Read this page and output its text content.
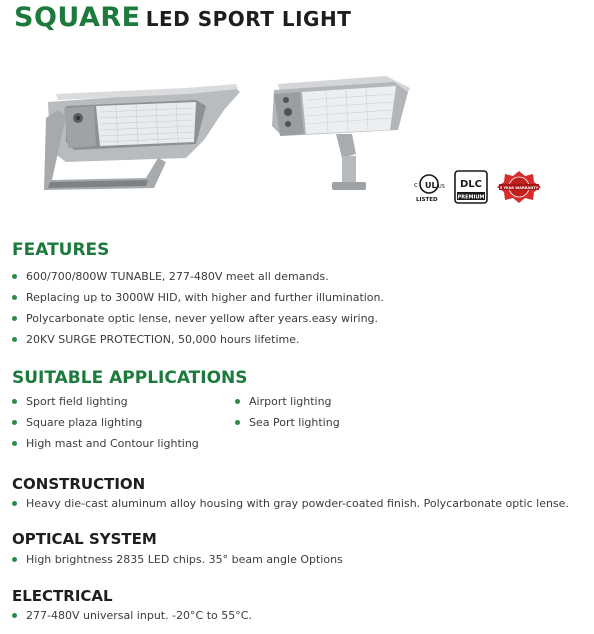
SQUARE LED SPORT LIGHT
UL
c	US
LISTED
DLC
PREMIUM
5 YEAR WARRANTY
FEATURES
600/700/800W TUNABLE, 277-480V meet all demands.
Replacing up to 3000W HID, with higher and further illumination.
Polycarbonate optic lense, never yellow after years.easy wiring.
20KV SURGE PROTECTION, 50,000 hours lifetime.
SUITABLE APPLICATIONS
Sport field lighting	Airport lighting
Square plaza lighting	Sea Port lighting
High mast and Contour lighting
CONSTRUCTION
Heavy die-cast aluminum alloy housing with gray powder-coated finish. Polycarbonate optic lense.
OPTICAL SYSTEM
High brightness 2835 LED chips. 35° beam angle Options
ELECTRICAL
277-480V universal input. -20°C to 55°C.
